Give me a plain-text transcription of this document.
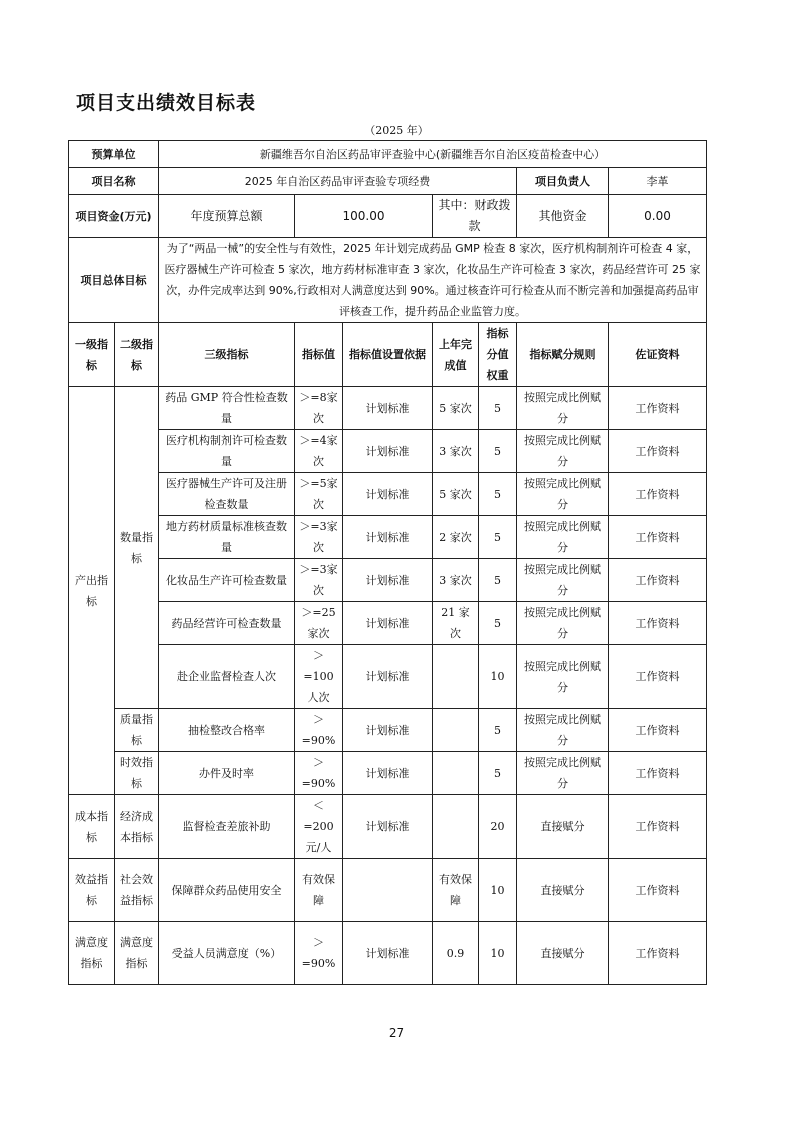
项目支出绩效目标表
（2025 年）
预算单位		新疆维吾尔自治区药品审评查验中心(新疆维吾尔自治区疫苗检查中心）						
项目名称		2025 年自治区药品审评查验专项经费					项目负责人	李革
项目资金(万元)		年度预算总额	100.00		其中：财政拨款		其他资金	0.00
项目总体目标		为了“两品一械”的安全性与有效性，2025 年计划完成药品 GMP 检查 8 家次，医疗机构制剂许可检查 4 家，医疗器械生产许可检查 5 家次，地方药材标准审查 3 家次，化妆品生产许可检查 3 家次，药品经营许可 25 家次，办件完成率达到 90%,行政相对人满意度达到 90%。通过核查许可行检查从而不断完善和加强提高药品审评核查工作，提升药品企业监管力度。						
一级指标	二级指标	三级指标	指标值	指标值设置依据	上年完成值	指标分值权重	指标赋分规则	佐证资料
产出指标	数量指标	药品 GMP 符合性检查数量	＞=8家次	计划标准	5 家次	5	按照完成比例赋分	工作资料
		医疗机构制剂许可检查数量	＞=4家次	计划标准	3 家次	5	按照完成比例赋分	工作资料
		医疗器械生产许可及注册检查数量	＞=5家次	计划标准	5 家次	5	按照完成比例赋分	工作资料
		地方药材质量标准核查数量	＞=3家次	计划标准	2 家次	5	按照完成比例赋分	工作资料
		化妆品生产许可检查数量	＞=3家次	计划标准	3 家次	5	按照完成比例赋分	工作资料
		药品经营许可检查数量	＞=25家次	计划标准	21 家次	5	按照完成比例赋分	工作资料
		赴企业监督检查人次	＞=100人次	计划标准		10	按照完成比例赋分	工作资料
	质量指标	抽检整改合格率	＞=90%	计划标准		5	按照完成比例赋分	工作资料
	时效指标	办件及时率	＞=90%	计划标准		5	按照完成比例赋分	工作资料
成本指标	经济成本指标	监督检查差旅补助	＜=200元/人	计划标准		20	直接赋分	工作资料
效益指标	社会效益指标	保障群众药品使用安全	有效保障		有效保障	10	直接赋分	工作资料
满意度指标	满意度指标	受益人员满意度（%）	＞=90%	计划标准	0.9	10	直接赋分	工作资料
27
